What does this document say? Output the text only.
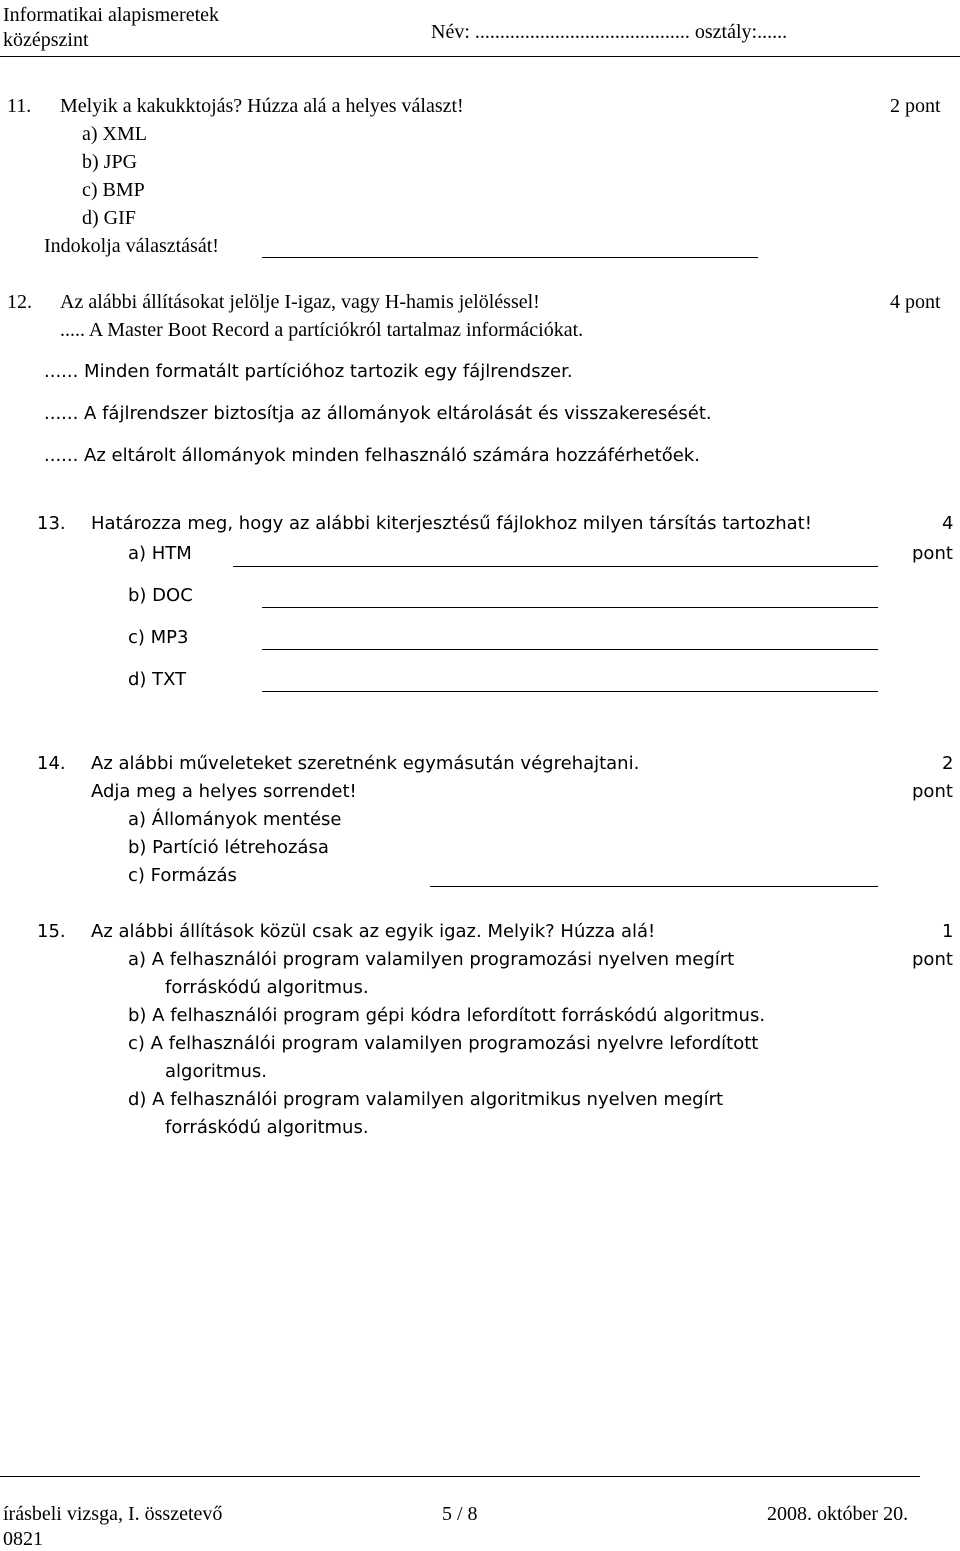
Informatikai alapismeretek
középszint	Név: ........................................... osztály:......
11. Melyik a kakukktojás? Húzza alá a helyes választ!	2 pont
a) XML
b) JPG
c) BMP
d) GIF
Indokolja választását!
12. Az alábbi állításokat jelölje I-igaz, vagy H-hamis jelöléssel!	4 pont
..... A Master Boot Record a partíciókról tartalmaz információkat.
...... Minden formatált partícióhoz tartozik egy fájlrendszer.
...... A fájlrendszer biztosítja az állományok eltárolását és visszakeresését.
...... Az eltárolt állományok minden felhasználó számára hozzáférhetőek.
13. Határozza meg, hogy az alábbi kiterjesztésű fájlokhoz milyen társítás tartozhat!	4
pont
a) HTM
b) DOC
c) MP3
d) TXT
14. Az alábbi műveleteket szeretnénk egymásután végrehajtani.	2
Adja meg a helyes sorrendet!	pont
a) Állományok mentése
b) Partíció létrehozása
c) Formázás
15. Az alábbi állítások közül csak az egyik igaz. Melyik? Húzza alá!	1
a) A felhasználói program valamilyen programozási nyelven megírt	pont
forráskódú algoritmus.
b) A felhasználói program gépi kódra lefordított forráskódú algoritmus.
c) A felhasználói program valamilyen programozási nyelvre lefordított
algoritmus.
d) A felhasználói program valamilyen algoritmikus nyelven megírt
forráskódú algoritmus.
írásbeli vizsga, I. összetevő	5 / 8	2008. október 20.
0821
